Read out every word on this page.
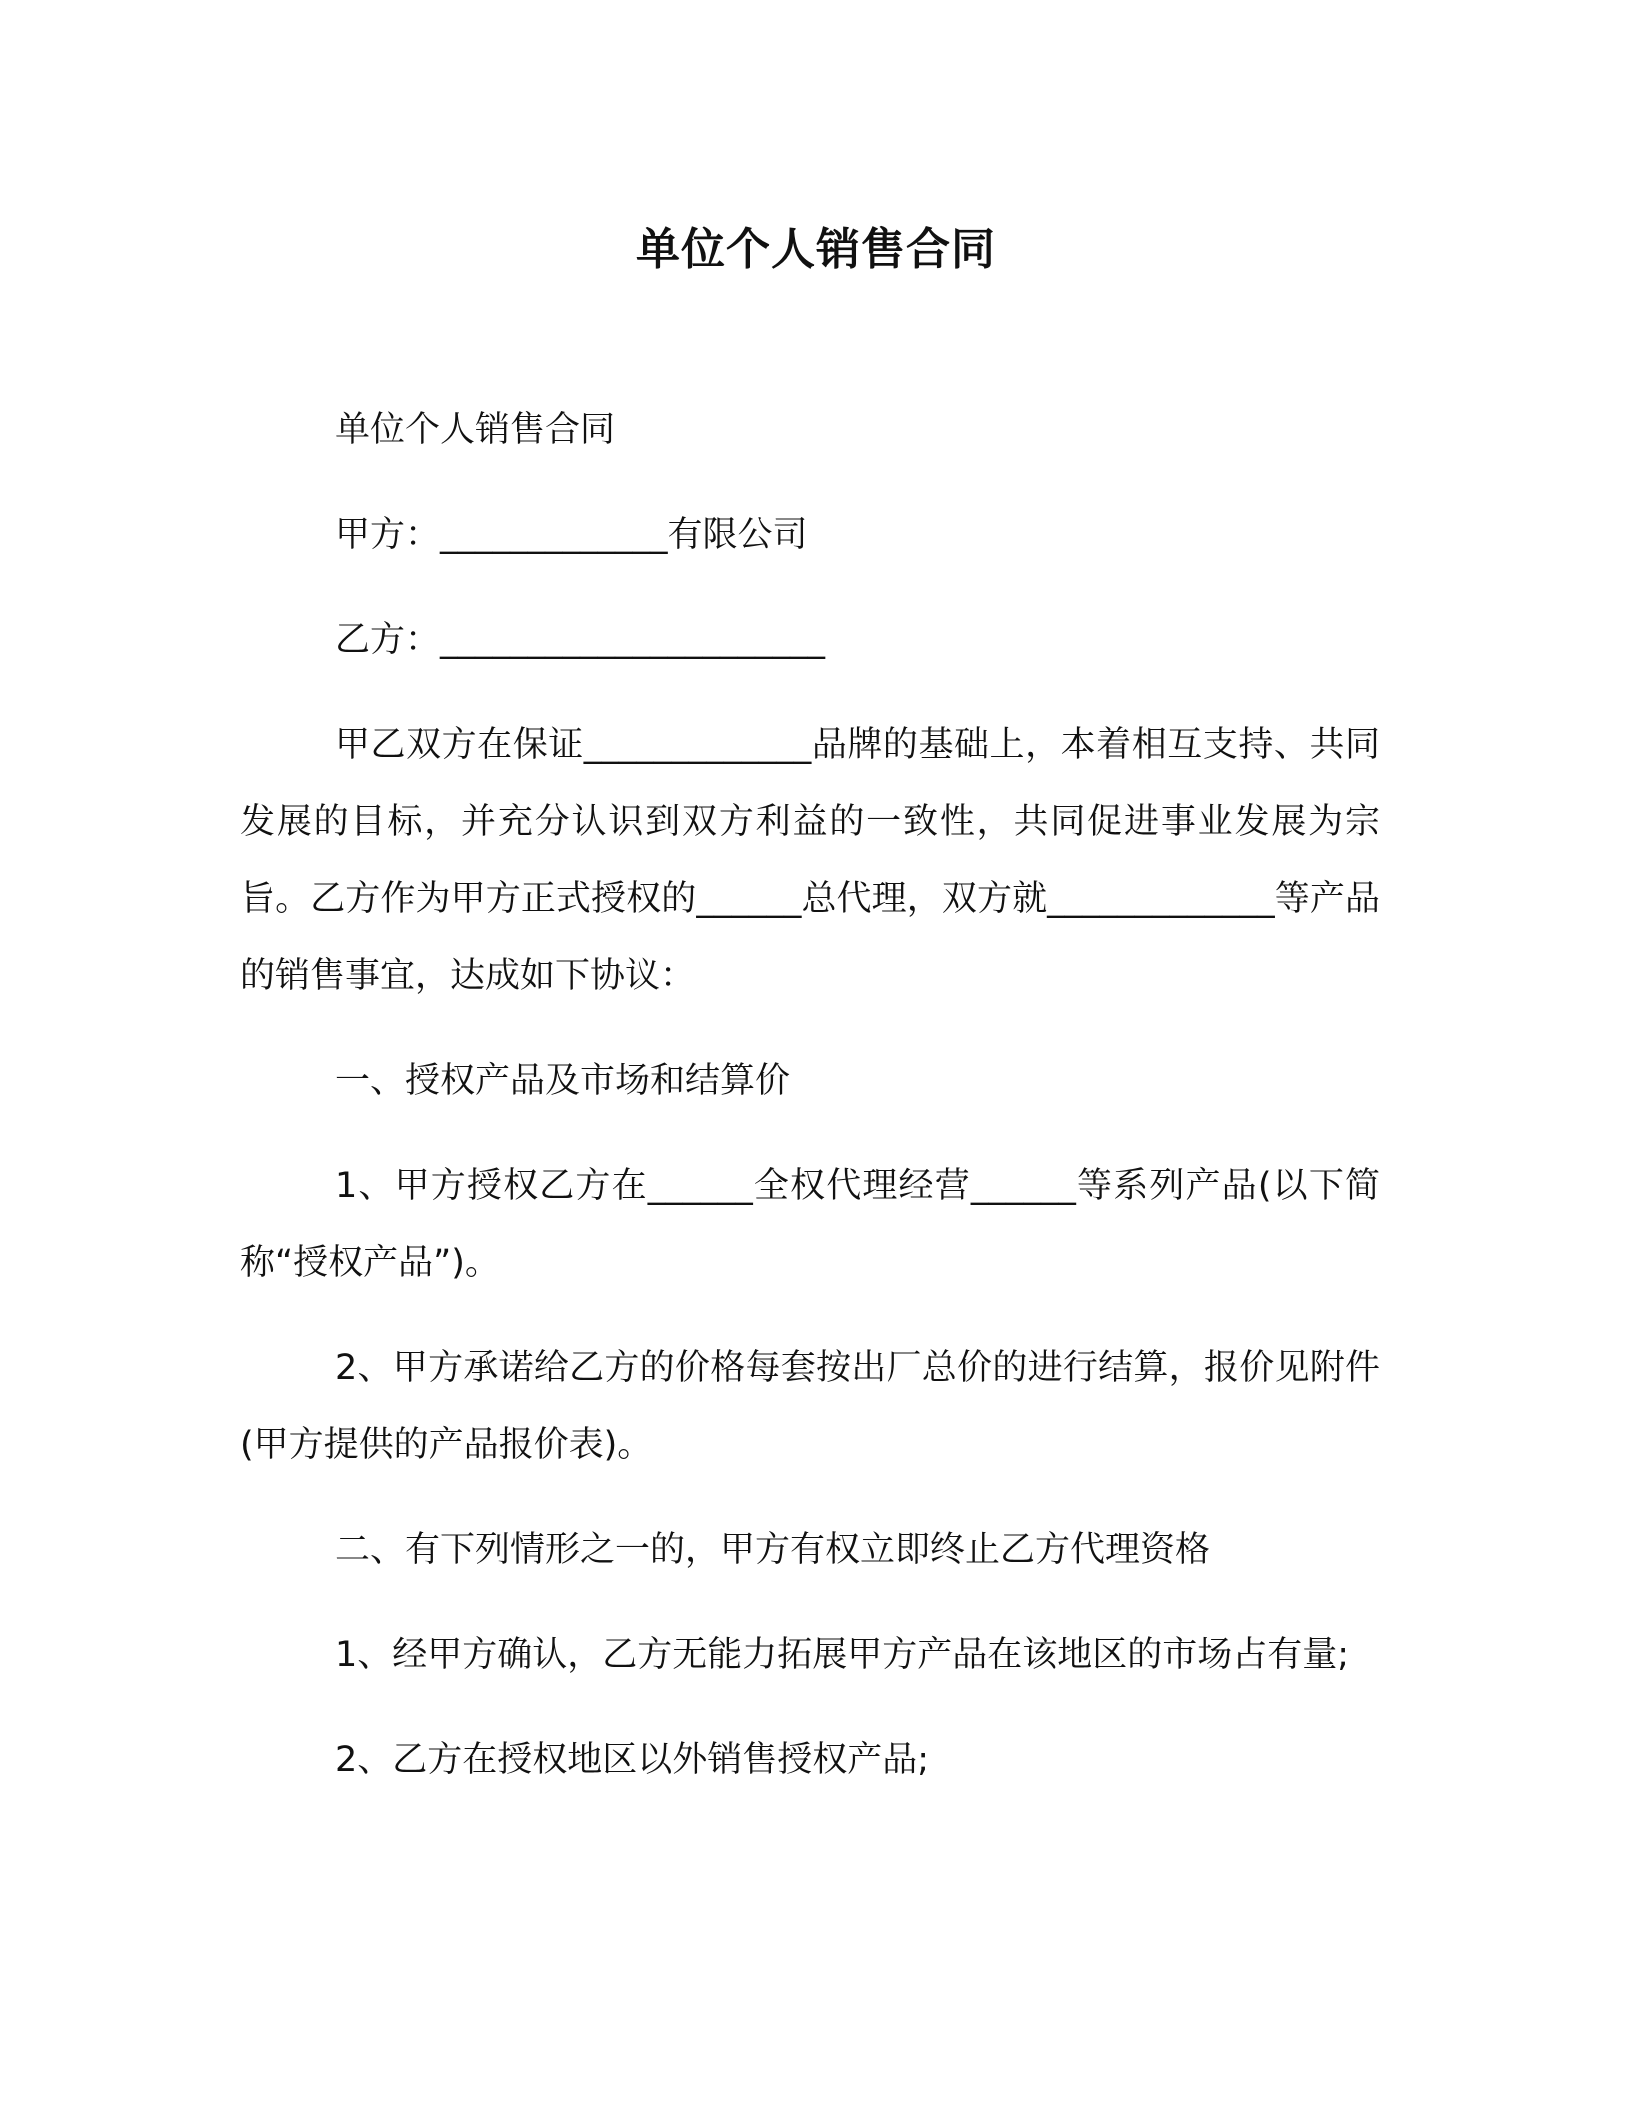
单位个人销售合同

单位个人销售合同

甲方：_____________有限公司

乙方：______________________

甲乙双方在保证_____________品牌的基础上，本着相互支持、共同发展的目标，并充分认识到双方利益的一致性，共同促进事业发展为宗旨。乙方作为甲方正式授权的______总代理，双方就_____________等产品的销售事宜，达成如下协议：

一、授权产品及市场和结算价

1、甲方授权乙方在______全权代理经营______等系列产品(以下简称“授权产品”)。

2、甲方承诺给乙方的价格每套按出厂总价的进行结算，报价见附件(甲方提供的产品报价表)。

二、有下列情形之一的，甲方有权立即终止乙方代理资格

1、经甲方确认，乙方无能力拓展甲方产品在该地区的市场占有量;

2、乙方在授权地区以外销售授权产品;
